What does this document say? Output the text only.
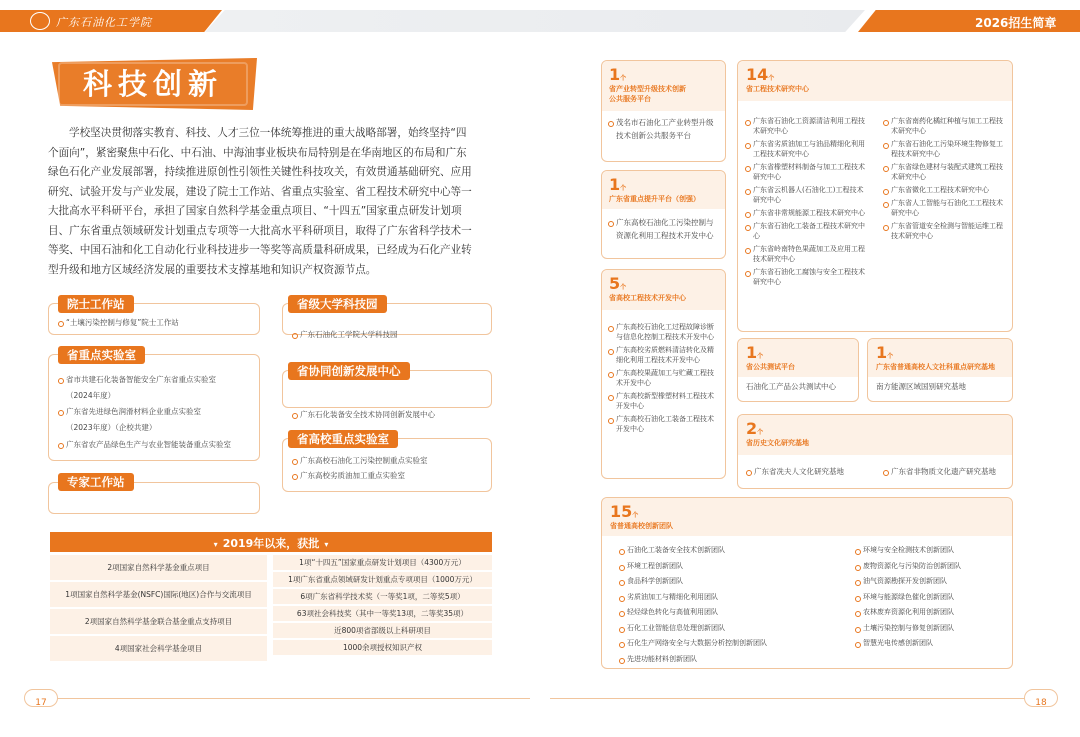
广东石油化工学院	2026招生简章
科技创新
学校坚决贯彻落实教育、科技、人才三位一体统筹推进的重大战略部署，始终坚持“四
个面向”，紧密聚焦中石化、中石油、中海油事业板块布局特别是在华南地区的布局和广东
绿色石化产业发展部署，持续推进原创性引领性关键性科技攻关，有效贯通基础研究、应用
研究、试验开发与产业发展，建设了院士工作站、省重点实验室、省工程技术研究中心等一
大批高水平科研平台，承担了国家自然科学基金重点项目、“十四五”国家重点研发计划项
目、广东省重点领域研发计划重点专项等一大批高水平科研项目，取得了广东省科学技术一
等奖、中国石油和化工自动化行业科技进步一等奖等高质量科研成果，已经成为石化产业转
型升级和地方区域经济发展的重要技术支撑基地和知识产权资源节点。
院士工作站
“土壤污染控制与修复”院士工作站
省级大学科技园
广东石油化工学院大学科技园
省重点实验室
省市共建石化装备智能安全广东省重点实验室
（2024年度）
广东省先进绿色润滑材料企业重点实验室
（2023年度）（企校共建）
广东省农产品绿色生产与农业智能装备重点实验室
省协同创新发展中心
广东石化装备安全技术协同创新发展中心
省高校重点实验室
广东高校石油化工污染控制重点实验室
广东高校劣质油加工重点实验室
专家工作站
▾ 2019年以来，获批 ▾
2项国家自然科学基金重点项目
1项国家自然科学基金(NSFC)国际(地区)合作与交流项目
2项国家自然科学基金联合基金重点支持项目
4项国家社会科学基金项目
1项“十四五”国家重点研发计划项目（4300万元）
1项广东省重点领域研发计划重点专项项目（1000万元）
6项广东省科学技术奖（一等奖1项，二等奖5项）
63项社会科技奖（其中一等奖13项，二等奖35项）
近800项省部级以上科研项目
1000余项授权知识产权
1个
省产业转型升级技术创新
公共服务平台
茂名市石油化工产业转型升级技术创新公共服务平台
1个
广东省重点提升平台（创强）
广东高校石油化工污染控制与资源化利用工程技术开发中心
5个
省高校工程技术开发中心
广东高校石油化工过程故障诊断与信息化控制工程技术开发中心
广东高校劣质燃料清洁转化及精细化利用工程技术开发中心
广东高校果蔬加工与贮藏工程技术开发中心
广东高校新型橡塑材料工程技术开发中心
广东高校石油化工装备工程技术开发中心
14个
省工程技术研究中心
广东省石油化工资源清洁利用工程技术研究中心
广东省劣质油加工与油品精细化利用工程技术研究中心
广东省橡塑材料制备与加工工程技术研究中心
广东省云机器人(石油化工)工程技术研究中心
广东省非常规能源工程技术研究中心
广东省石油化工装备工程技术研究中心
广东省岭南特色果蔬加工及应用工程技术研究中心
广东省石油化工腐蚀与安全工程技术研究中心
广东省南药化橘红种植与加工工程技术研究中心
广东省石油化工污染环境生物修复工程技术研究中心
广东省绿色建材与装配式建筑工程技术研究中心
广东省微化工工程技术研究中心
广东省人工智能与石油化工工程技术研究中心
广东省管道安全检测与智能运维工程技术研究中心
1个
省公共测试平台
石油化工产品公共测试中心
1个
广东省普通高校人文社科重点研究基地
南方能源区域国别研究基地
2个
省历史文化研究基地
广东省冼夫人文化研究基地	广东省非物质文化遗产研究基地
15个
省普通高校创新团队
石油化工装备安全技术创新团队
环境工程创新团队
食品科学创新团队
劣质油加工与精细化利用团队
轻烃绿色转化与高值利用团队
石化工业智能信息处理创新团队
石化生产网络安全与大数据分析控制创新团队
先进功能材料创新团队
环境与安全检测技术创新团队
废物资源化与污染防治创新团队
油气资源勘探开发创新团队
环境与能源绿色催化创新团队
农林废弃资源化利用创新团队
土壤污染控制与修复创新团队
智慧光电传感创新团队
17	18
